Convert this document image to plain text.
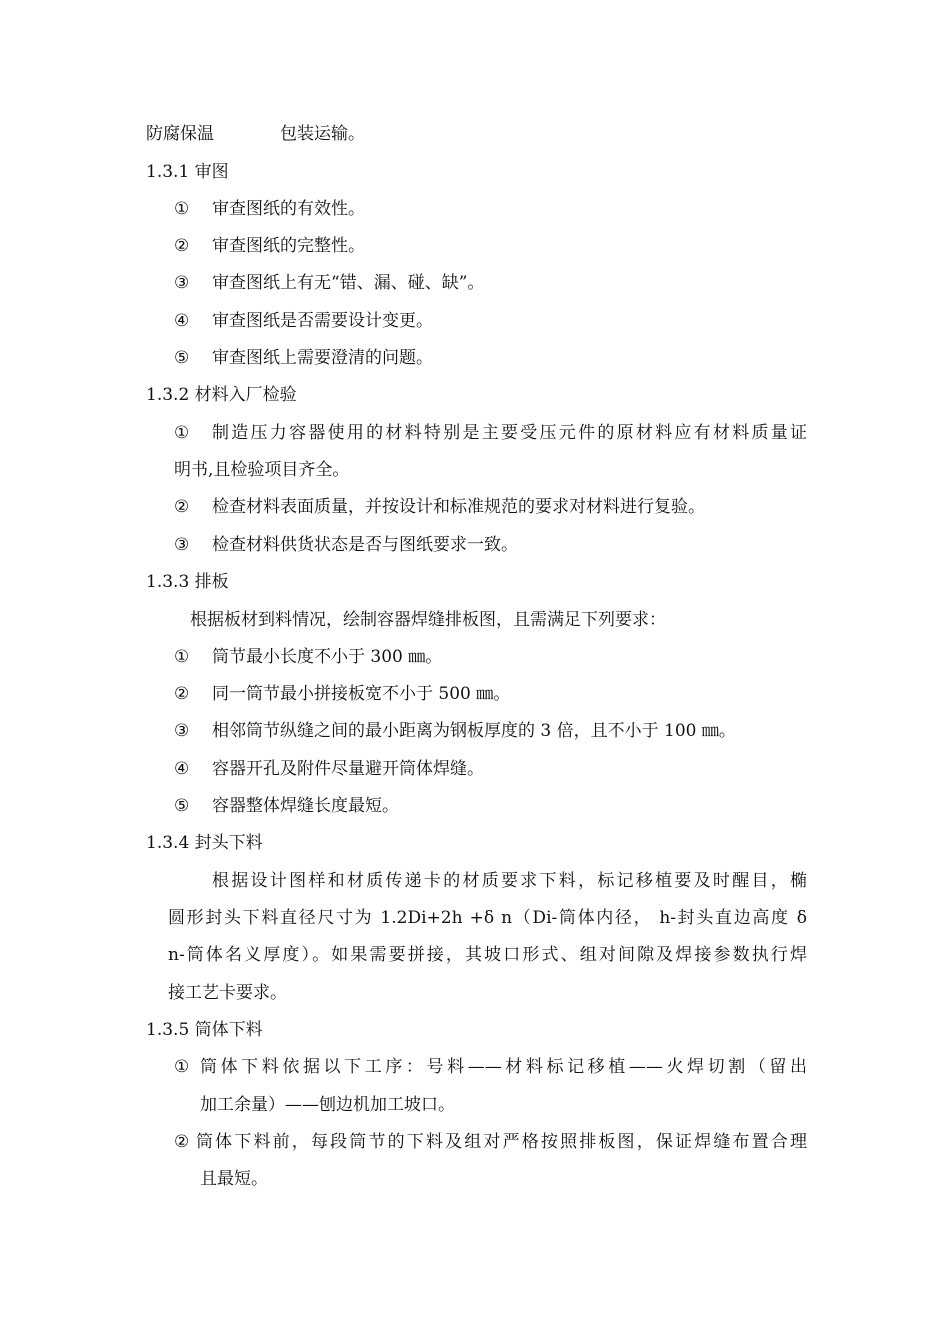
防腐保温	包装运输。
1.3.1 审图
① 审查图纸的有效性。
② 审查图纸的完整性。
③ 审查图纸上有无“错、漏、碰、缺”。
④ 审查图纸是否需要设计变更。
⑤ 审查图纸上需要澄清的问题。
1.3.2 材料入厂检验
① 制造压力容器使用的材料特别是主要受压元件的原材料应有材料质量证
明书,且检验项目齐全。
② 检查材料表面质量，并按设计和标准规范的要求对材料进行复验。
③ 检查材料供货状态是否与图纸要求一致。
1.3.3 排板
根据板材到料情况，绘制容器焊缝排板图，且需满足下列要求：
① 筒节最小长度不小于 300 ㎜。
② 同一筒节最小拼接板宽不小于 500 ㎜。
③ 相邻筒节纵缝之间的最小距离为钢板厚度的 3 倍，且不小于 100 ㎜。
④ 容器开孔及附件尽量避开筒体焊缝。
⑤ 容器整体焊缝长度最短。
1.3.4 封头下料
根据设计图样和材质传递卡的材质要求下料，标记移植要及时醒目，椭
圆形封头下料直径尺寸为 1.2Di+2h +δ n（Di-筒体内径， h-封头直边高度 δ
n-筒体名义厚度）。如果需要拼接，其坡口形式、组对间隙及焊接参数执行焊
接工艺卡要求。
1.3.5 筒体下料
① 筒体下料依据以下工序：号料——材料标记移植——火焊切割（留出
加工余量）——刨边机加工坡口。
② 筒体下料前，每段筒节的下料及组对严格按照排板图，保证焊缝布置合理
且最短。
